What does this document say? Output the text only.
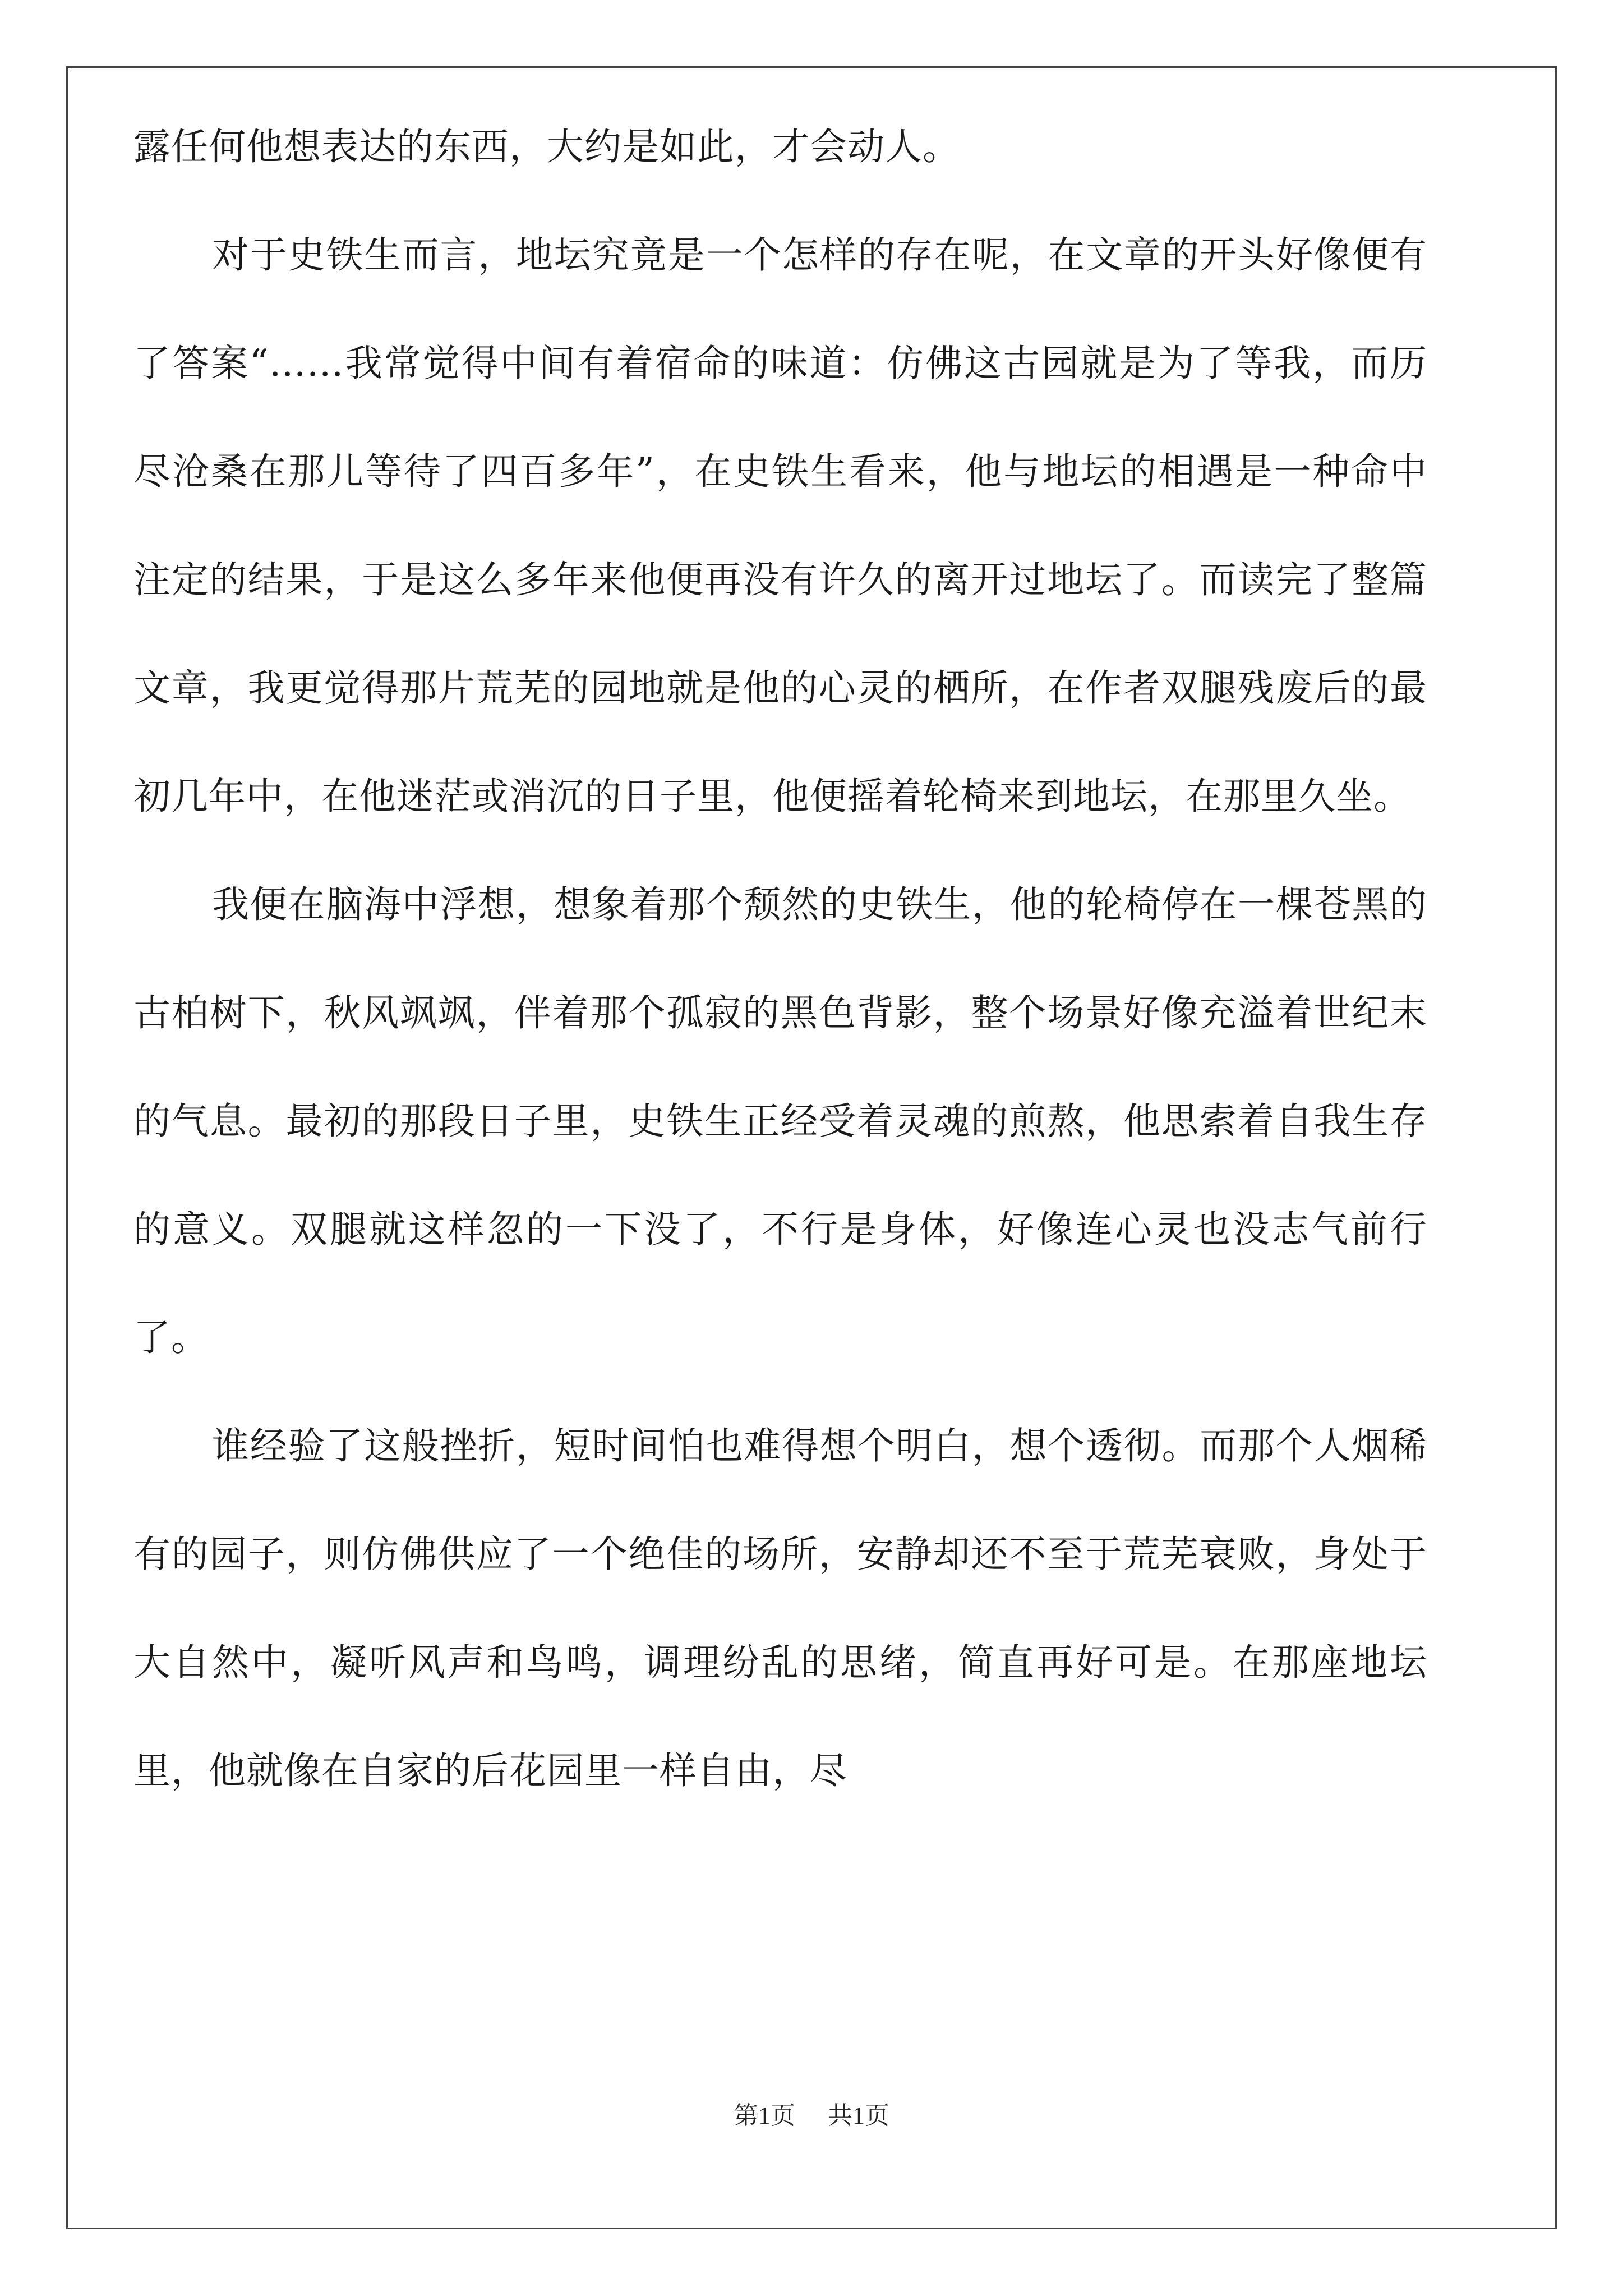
露任何他想表达的东西，大约是如此，才会动人。

对于史铁生而言，地坛究竟是一个怎样的存在呢，在文章的开头好像便有了答案“……我常觉得中间有着宿命的味道：仿佛这古园就是为了等我，而历尽沧桑在那儿等待了四百多年”，在史铁生看来，他与地坛的相遇是一种命中注定的结果，于是这么多年来他便再没有许久的离开过地坛了。而读完了整篇文章，我更觉得那片荒芜的园地就是他的心灵的栖所，在作者双腿残废后的最初几年中，在他迷茫或消沉的日子里，他便摇着轮椅来到地坛，在那里久坐。

我便在脑海中浮想，想象着那个颓然的史铁生，他的轮椅停在一棵苍黑的古柏树下，秋风飒飒，伴着那个孤寂的黑色背影，整个场景好像充溢着世纪末的气息。最初的那段日子里，史铁生正经受着灵魂的煎熬，他思索着自我生存的意义。双腿就这样忽的一下没了，不行是身体，好像连心灵也没志气前行了。

谁经验了这般挫折，短时间怕也难得想个明白，想个透彻。而那个人烟稀有的园子，则仿佛供应了一个绝佳的场所，安静却还不至于荒芜衰败，身处于大自然中，凝听风声和鸟鸣，调理纷乱的思绪，简直再好可是。在那座地坛里，他就像在自家的后花园里一样自由，尽

第1页 共1页
